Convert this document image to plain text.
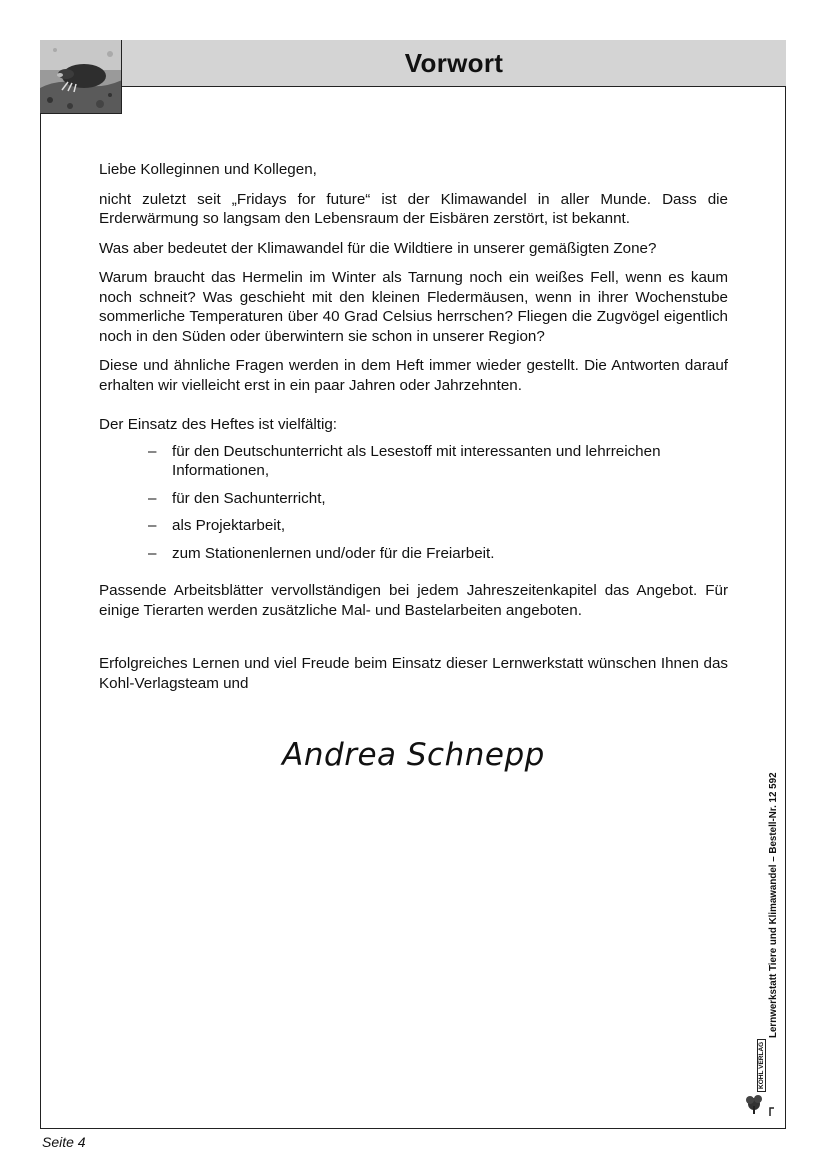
Vorwort

Liebe Kolleginnen und Kollegen,

nicht zuletzt seit „Fridays for future“ ist der Klimawandel in aller Munde. Dass die Erderwärmung so langsam den Lebensraum der Eisbären zerstört, ist bekannt.

Was aber bedeutet der Klimawandel für die Wildtiere in unserer gemäßigten Zone?

Warum braucht das Hermelin im Winter als Tarnung noch ein weißes Fell, wenn es kaum noch schneit? Was geschieht mit den kleinen Fledermäusen, wenn in ihrer Wochenstube sommerliche Temperaturen über 40 Grad Celsius herrschen? Fliegen die Zugvögel eigentlich noch in den Süden oder überwintern sie schon in unserer Region?

Diese und ähnliche Fragen werden in dem Heft immer wieder gestellt. Die Antworten darauf erhalten wir vielleicht erst in ein paar Jahren oder Jahrzehnten.

Der Einsatz des Heftes ist vielfältig:

– für den Deutschunterricht als Lesestoff mit interessanten und lehrreichen Informationen,
– für den Sachunterricht,
– als Projektarbeit,
– zum Stationenlernen und/oder für die Freiarbeit.

Passende Arbeitsblätter vervollständigen bei jedem Jahreszeitenkapitel das Angebot. Für einige Tierarten werden zusätzliche Mal- und Bastelarbeiten angeboten.

Erfolgreiches Lernen und viel Freude beim Einsatz dieser Lernwerkstatt wünschen Ihnen das Kohl-Verlagsteam und

Andrea Schnepp
Lernwerkstatt Tiere und Klimawandel – Bestell-Nr. 12 592
KOHL VERLAG
Seite 4
